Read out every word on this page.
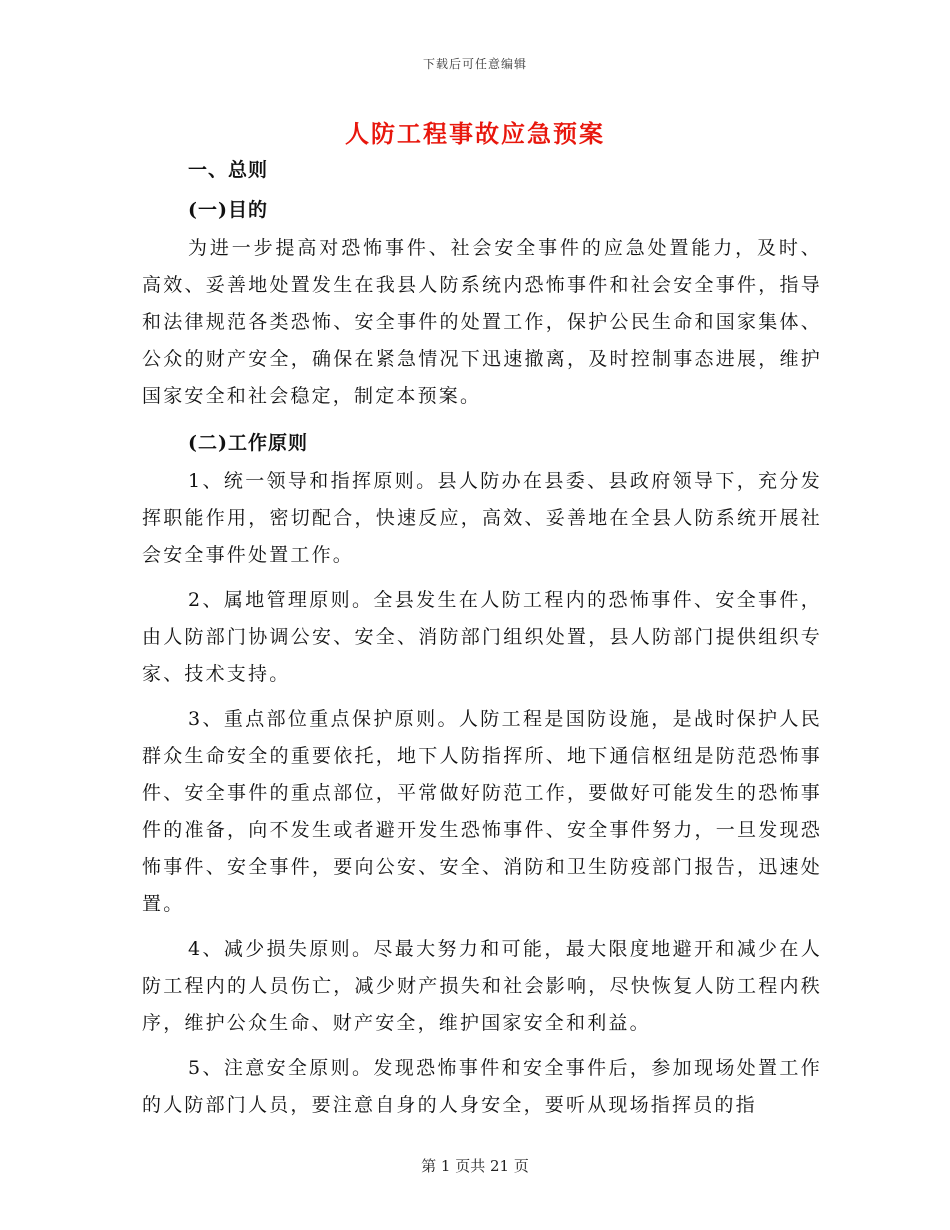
下载后可任意编辑
人防工程事故应急预案
一、总则
(一)目的

为进一步提高对恐怖事件、社会安全事件的应急处置能力，及时、高效、妥善地处置发生在我县人防系统内恐怖事件和社会安全事件，指导和法律规范各类恐怖、安全事件的处置工作，保护公民生命和国家集体、公众的财产安全，确保在紧急情况下迅速撤离，及时控制事态进展，维护国家安全和社会稳定，制定本预案。

(二)工作原则

1、统一领导和指挥原则。县人防办在县委、县政府领导下，充分发挥职能作用，密切配合，快速反应，高效、妥善地在全县人防系统开展社会安全事件处置工作。

2、属地管理原则。全县发生在人防工程内的恐怖事件、安全事件，由人防部门协调公安、安全、消防部门组织处置，县人防部门提供组织专家、技术支持。

3、重点部位重点保护原则。人防工程是国防设施，是战时保护人民群众生命安全的重要依托，地下人防指挥所、地下通信枢纽是防范恐怖事件、安全事件的重点部位，平常做好防范工作，要做好可能发生的恐怖事件的准备，向不发生或者避开发生恐怖事件、安全事件努力，一旦发现恐怖事件、安全事件，要向公安、安全、消防和卫生防疫部门报告，迅速处置。

4、减少损失原则。尽最大努力和可能，最大限度地避开和减少在人防工程内的人员伤亡，减少财产损失和社会影响，尽快恢复人防工程内秩序，维护公众生命、财产安全，维护国家安全和利益。

5、注意安全原则。发现恐怖事件和安全事件后，参加现场处置工作的人防部门人员，要注意自身的人身安全，要听从现场指挥员的指

第 1 页共 21 页
